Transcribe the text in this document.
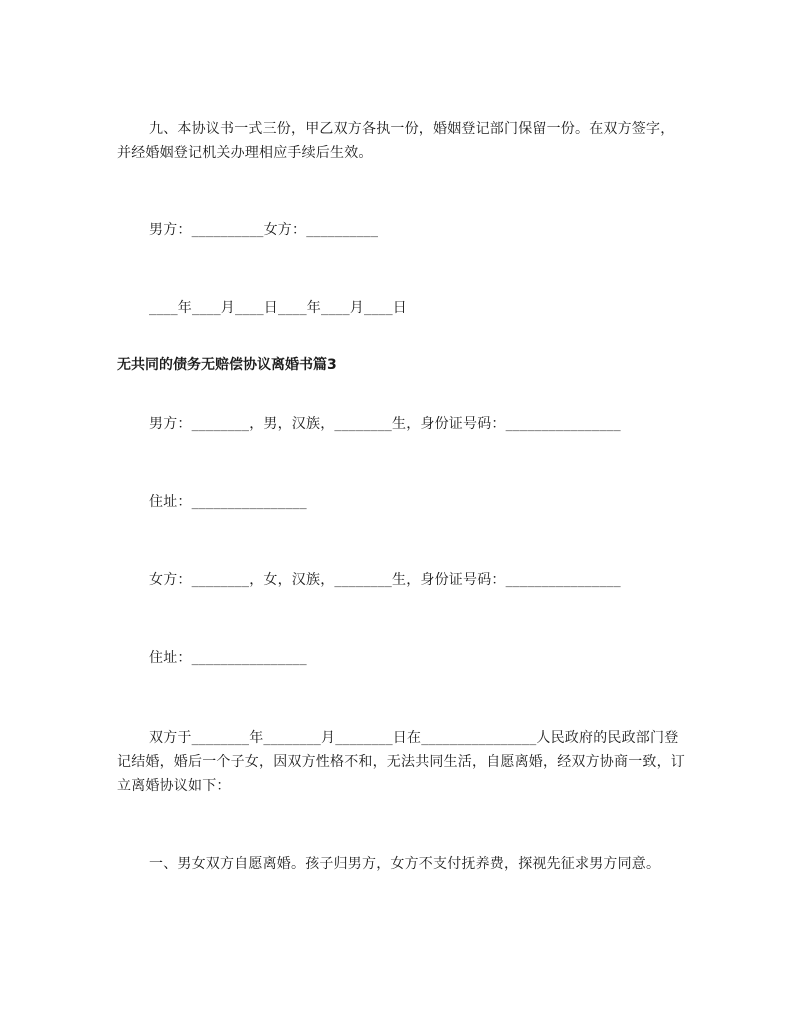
九、本协议书一式三份，甲乙双方各执一份，婚姻登记部门保留一份。在双方签字，并经婚姻登记机关办理相应手续后生效。
男方：__________女方：__________
____年____月____日____年____月____日
无共同的债务无赔偿协议离婚书篇3
男方：________，男，汉族，________生，身份证号码：________________
住址：________________
女方：________，女，汉族，________生，身份证号码：________________
住址：________________
双方于________年________月________日在________________人民政府的民政部门登记结婚，婚后一个子女，因双方性格不和，无法共同生活，自愿离婚，经双方协商一致，订立离婚协议如下：
一、男女双方自愿离婚。孩子归男方，女方不支付抚养费，探视先征求男方同意。
